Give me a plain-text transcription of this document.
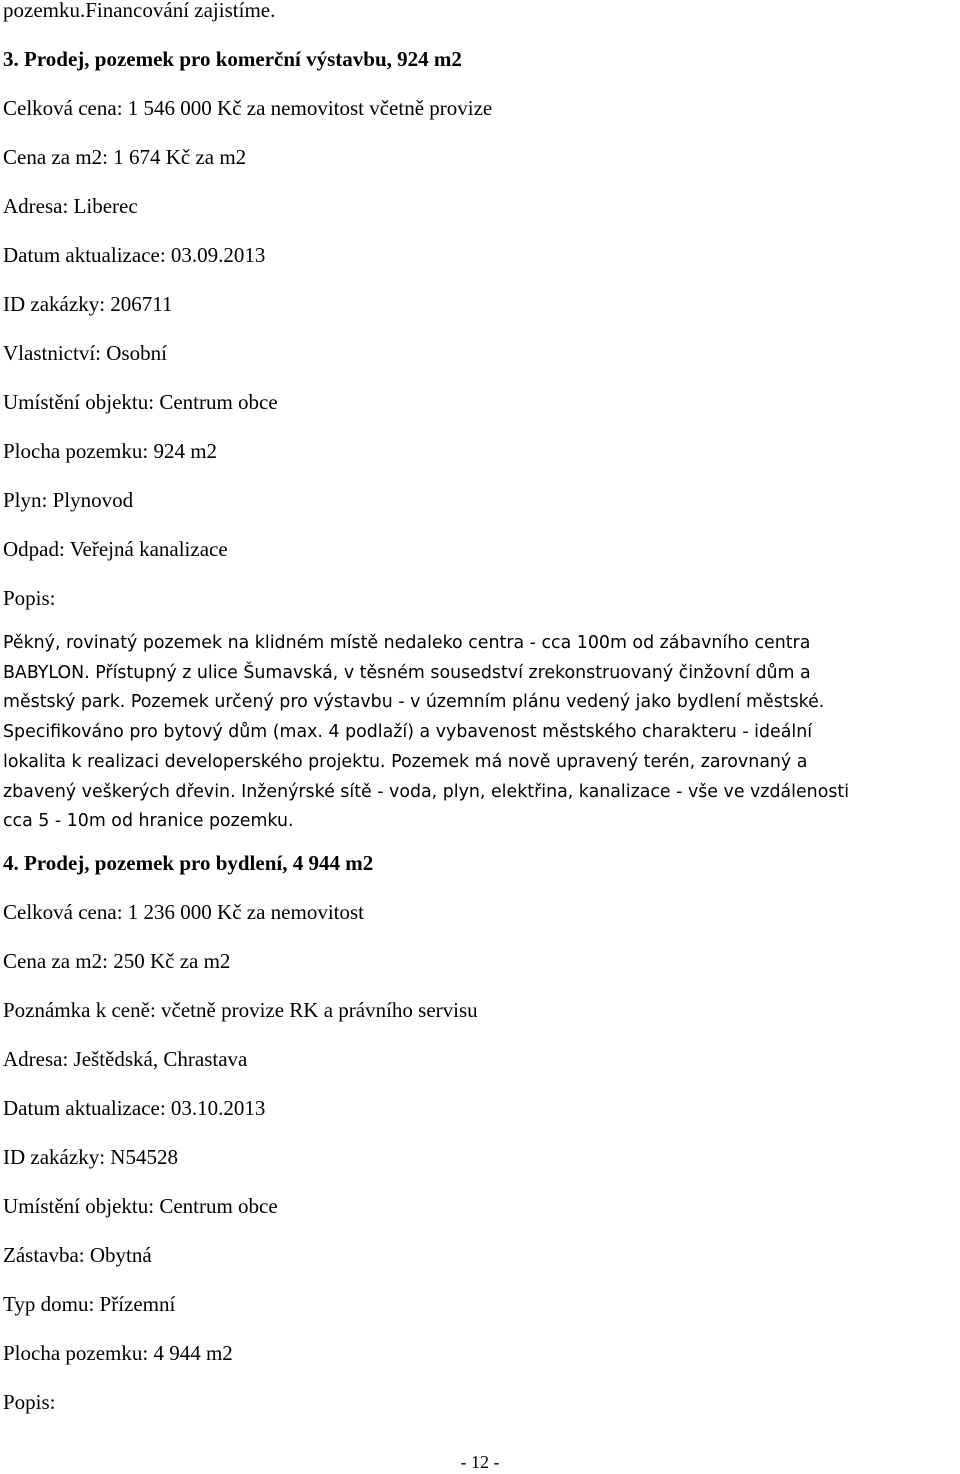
pozemku.Financování zajistíme.

3. Prodej, pozemek pro komerční výstavbu, 924 m2

Celková cena: 1 546 000 Kč za nemovitost včetně provize

Cena za m2: 1 674 Kč za m2

Adresa: Liberec

Datum aktualizace: 03.09.2013

ID zakázky: 206711

Vlastnictví: Osobní

Umístění objektu: Centrum obce

Plocha pozemku: 924 m2

Plyn: Plynovod

Odpad: Veřejná kanalizace

Popis:

Pěkný, rovinatý pozemek na klidném místě nedaleko centra - cca 100m od zábavního centra
BABYLON. Přístupný z ulice Šumavská, v těsném sousedství zrekonstruovaný činžovní dům a
městský park. Pozemek určený pro výstavbu - v územním plánu vedený jako bydlení městské.
Specifikováno pro bytový dům (max. 4 podlaží) a vybavenost městského charakteru - ideální
lokalita k realizaci developerského projektu. Pozemek má nově upravený terén, zarovnaný a
zbavený veškerých dřevin. Inženýrské sítě - voda, plyn, elektřina, kanalizace - vše ve vzdálenosti
cca 5 - 10m od hranice pozemku.

4. Prodej, pozemek pro bydlení, 4 944 m2

Celková cena: 1 236 000 Kč za nemovitost

Cena za m2: 250 Kč za m2

Poznámka k ceně: včetně provize RK a právního servisu

Adresa: Ještědská, Chrastava

Datum aktualizace: 03.10.2013

ID zakázky: N54528

Umístění objektu: Centrum obce

Zástavba: Obytná

Typ domu: Přízemní

Plocha pozemku: 4 944 m2

Popis:

- 12 -
